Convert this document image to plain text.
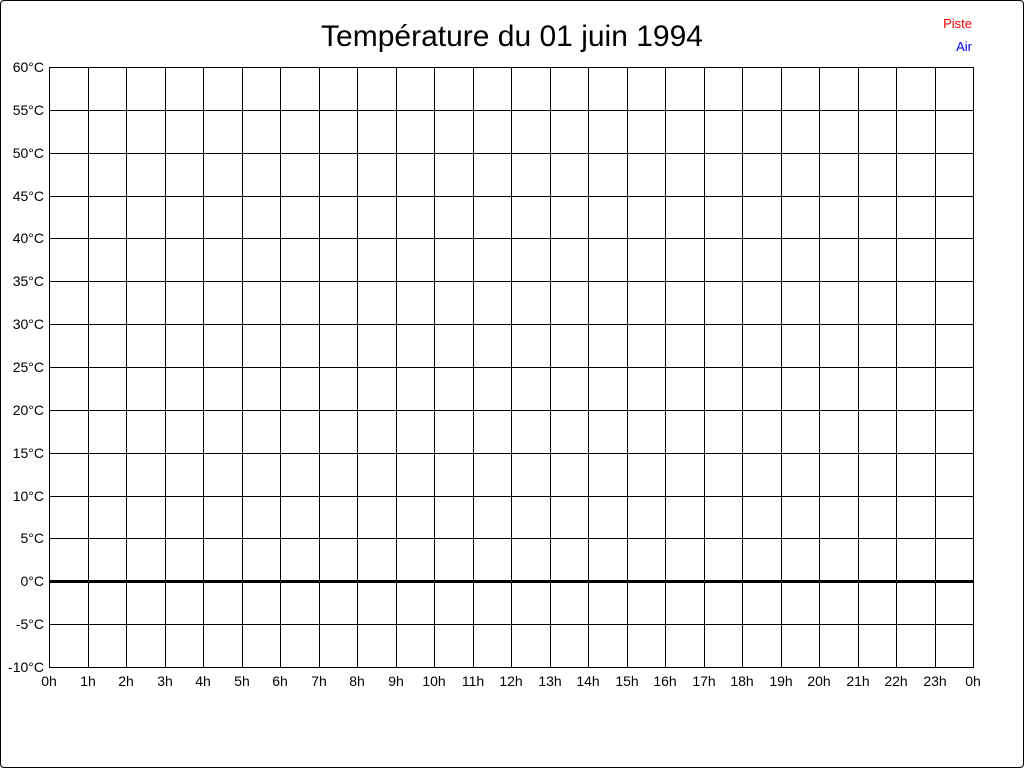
Température du 01 juin 1994	Piste
Air
0h 1h 2h 3h 4h 5h 6h 7h 8h 9h 10h 11h 12h 13h 14h 15h 16h 17h 18h 19h 20h 21h 22h 23h 0h
60°C
55°C
50°C
45°C
40°C
35°C
30°C
25°C
20°C
15°C
10°C
5°C
0°C
-5°C
-10°C
